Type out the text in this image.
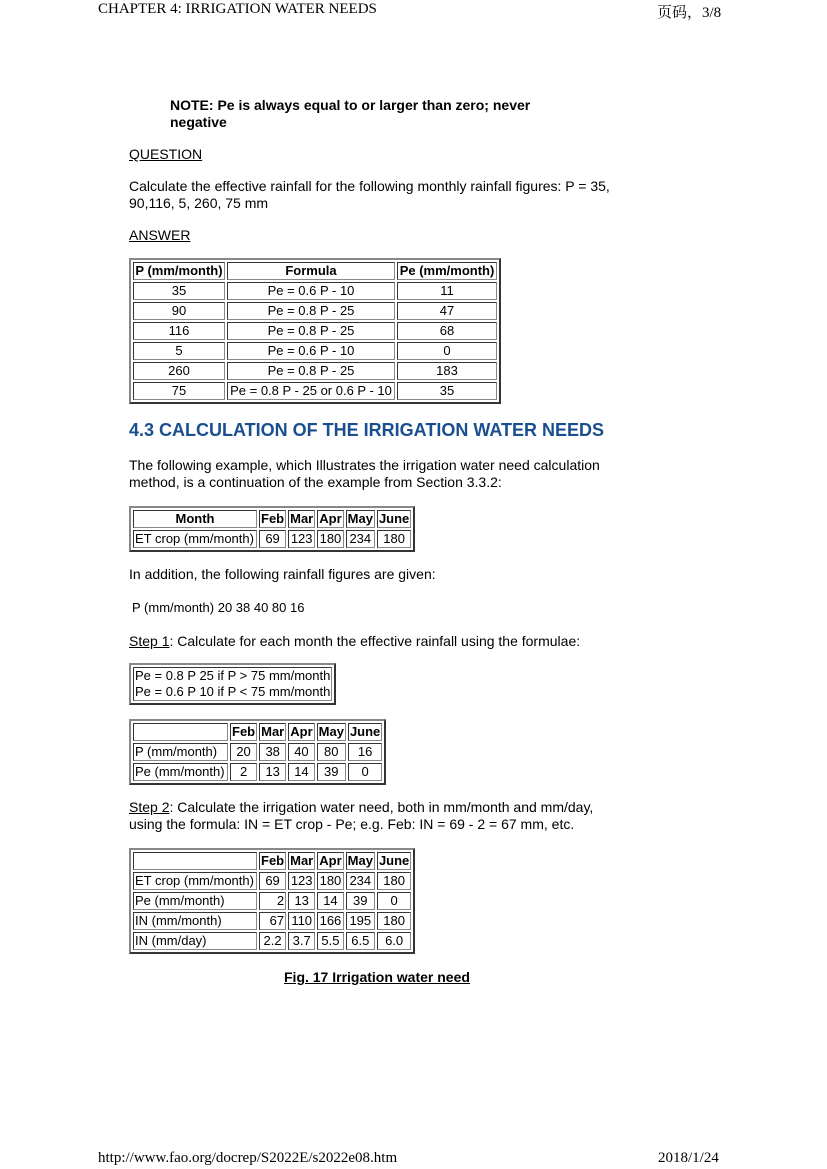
CHAPTER 4: IRRIGATION WATER NEEDS	页码，3/8
NOTE: Pe is always equal to or larger than zero; never negative
QUESTION
Calculate the effective rainfall for the following monthly rainfall figures: P = 35, 90,116, 5, 260, 75 mm
ANSWER
P (mm/month)	Formula	Pe (mm/month)
35	Pe = 0.6 P - 10	11
90	Pe = 0.8 P - 25	47
116	Pe = 0.8 P - 25	68
5	Pe = 0.6 P - 10	0
260	Pe = 0.8 P - 25	183
75	Pe = 0.8 P - 25 or 0.6 P - 10	35
4.3 CALCULATION OF THE IRRIGATION WATER NEEDS
The following example, which Illustrates the irrigation water need calculation method, is a continuation of the example from Section 3.3.2:
Month	Feb	Mar	Apr	May	June
ET crop (mm/month)	69	123	180	234	180
In addition, the following rainfall figures are given:
P (mm/month) 20 38 40 80 16
Step 1: Calculate for each month the effective rainfall using the formulae:
Pe = 0.8 P 25 if P > 75 mm/month
Pe = 0.6 P 10 if P < 75 mm/month
	Feb	Mar	Apr	May	June
P (mm/month)	20	38	40	80	16
Pe (mm/month)	2	13	14	39	0
Step 2: Calculate the irrigation water need, both in mm/month and mm/day, using the formula: IN = ET crop - Pe; e.g. Feb: IN = 69 - 2 = 67 mm, etc.
	Feb	Mar	Apr	May	June
ET crop (mm/month)	69	123	180	234	180
Pe (mm/month)	2	13	14	39	0
IN (mm/month)	67	110	166	195	180
IN (mm/day)	2.2	3.7	5.5	6.5	6.0
Fig. 17 Irrigation water need
http://www.fao.org/docrep/S2022E/s2022e08.htm	2018/1/24
